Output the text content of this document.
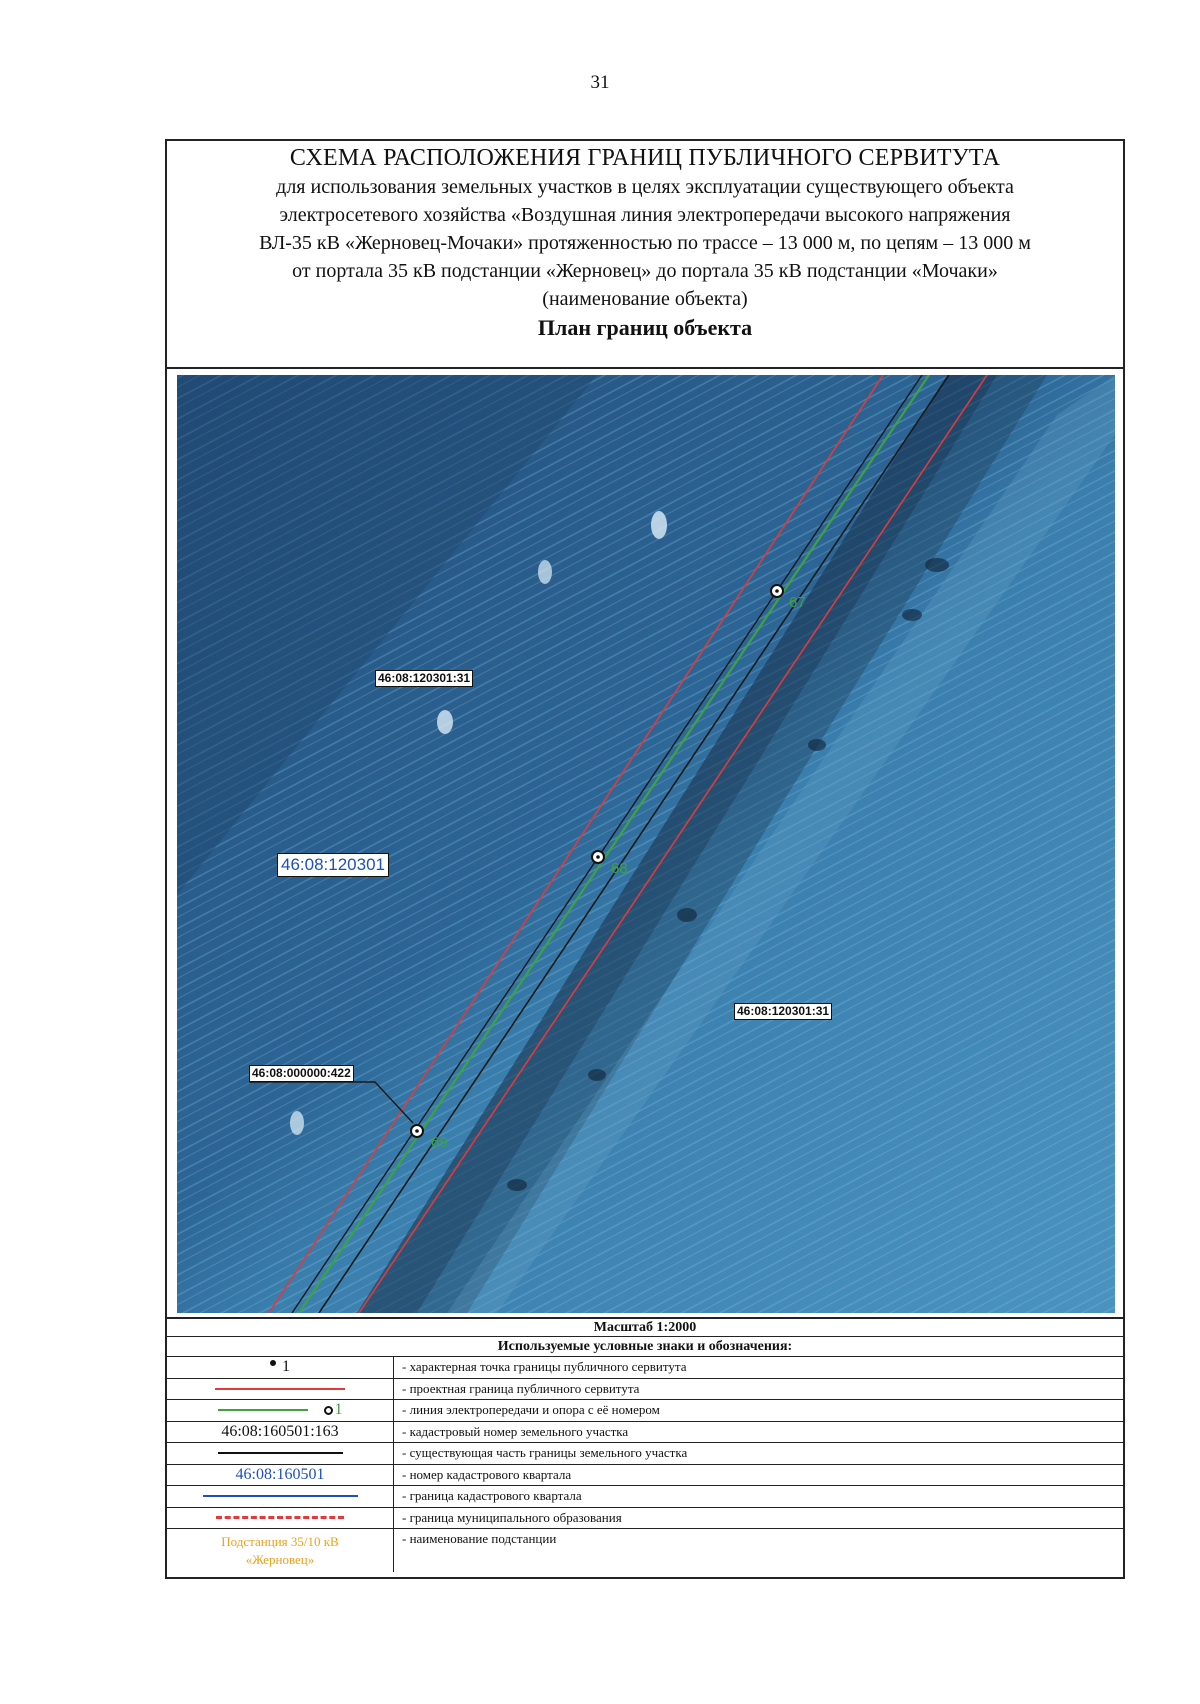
31
СХЕМА РАСПОЛОЖЕНИЯ ГРАНИЦ ПУБЛИЧНОГО СЕРВИТУТА
для использования земельных участков в целях эксплуатации существующего объекта
электросетевого хозяйства «Воздушная линия электропередачи высокого напряжения
ВЛ-35 кВ «Жерновец-Мочаки» протяженностью по трассе – 13 000 м, по цепям – 13 000 м
от портала 35 кВ подстанции «Жерновец» до портала 35 кВ подстанции «Мочаки»
(наименование объекта)
План границ объекта
67
68
69
46:08:120301:31
46:08:120301:31
46:08:000000:422
46:08:120301
Масштаб 1:2000
Используемые условные знаки и обозначения:
1	- характерная точка границы публичного сервитута
- проектная граница публичного сервитута
1	- линия электропередачи и опора с её номером
46:08:160501:163	- кадастровый номер земельного участка
- существующая часть границы земельного участка
46:08:160501	- номер кадастрового квартала
- граница кадастрового квартала
- граница муниципального образования
Подстанция 35/10 кВ
«Жерновец»
- наименование подстанции
